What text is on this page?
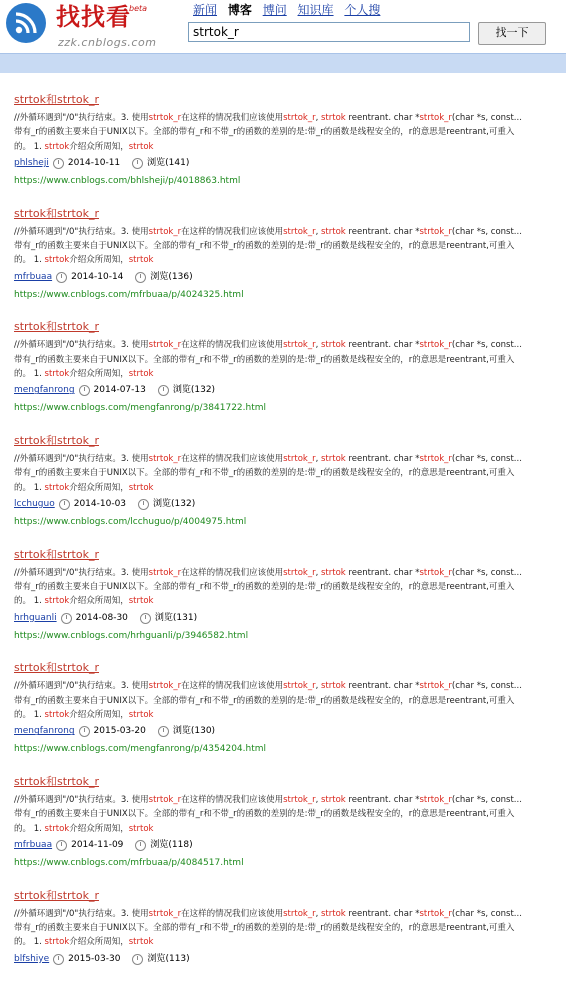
找找看
beta
zzk.cnblogs.com
新闻 博客 博问 知识库 个人搜
strtok_r	找一下
strtok和strtok_r
//外循环遇到"/0"执行结束。3. 使用strtok_r在这样的情况我们应该使用strtok_r, strtok reentrant. char *strtok_r(char *s, const...带有_r的函数主要来自于UNIX以下。全部的带有_r和不带_r的函数的差别的是:带_r的函数是线程安全的，r的意思是reentrant,可重入的。 1. strtok介绍众所周知，strtok
phlsheji 2014-10-11	浏览(141)
https://www.cnblogs.com/bhlsheji/p/4018863.html
strtok和strtok_r
//外循环遇到"/0"执行结束。3. 使用strtok_r在这样的情况我们应该使用strtok_r, strtok reentrant. char *strtok_r(char *s, const...带有_r的函数主要来自于UNIX以下。全部的带有_r和不带_r的函数的差别的是:带_r的函数是线程安全的，r的意思是reentrant,可重入的。 1. strtok介绍众所周知，strtok
mfrbuaa 2014-10-14	浏览(136)
https://www.cnblogs.com/mfrbuaa/p/4024325.html
strtok和strtok_r
//外循环遇到"/0"执行结束。3. 使用strtok_r在这样的情况我们应该使用strtok_r, strtok reentrant. char *strtok_r(char *s, const...带有_r的函数主要来自于UNIX以下。全部的带有_r和不带_r的函数的差别的是:带_r的函数是线程安全的，r的意思是reentrant,可重入的。 1. strtok介绍众所周知，strtok
mengfanrong 2014-07-13	浏览(132)
https://www.cnblogs.com/mengfanrong/p/3841722.html
strtok和strtok_r
//外循环遇到"/0"执行结束。3. 使用strtok_r在这样的情况我们应该使用strtok_r, strtok reentrant. char *strtok_r(char *s, const...带有_r的函数主要来自于UNIX以下。全部的带有_r和不带_r的函数的差别的是:带_r的函数是线程安全的，r的意思是reentrant,可重入的。 1. strtok介绍众所周知，strtok
lcchuguo 2014-10-03	浏览(132)
https://www.cnblogs.com/lcchuguo/p/4004975.html
strtok和strtok_r
//外循环遇到"/0"执行结束。3. 使用strtok_r在这样的情况我们应该使用strtok_r, strtok reentrant. char *strtok_r(char *s, const...带有_r的函数主要来自于UNIX以下。全部的带有_r和不带_r的函数的差别的是:带_r的函数是线程安全的，r的意思是reentrant,可重入的。 1. strtok介绍众所周知，strtok
hrhguanli 2014-08-30	浏览(131)
https://www.cnblogs.com/hrhguanli/p/3946582.html
strtok和strtok_r
//外循环遇到"/0"执行结束。3. 使用strtok_r在这样的情况我们应该使用strtok_r, strtok reentrant. char *strtok_r(char *s, const...带有_r的函数主要来自于UNIX以下。全部的带有_r和不带_r的函数的差别的是:带_r的函数是线程安全的，r的意思是reentrant,可重入的。 1. strtok介绍众所周知，strtok
mengfanrong 2015-03-20	浏览(130)
https://www.cnblogs.com/mengfanrong/p/4354204.html
strtok和strtok_r
//外循环遇到"/0"执行结束。3. 使用strtok_r在这样的情况我们应该使用strtok_r, strtok reentrant. char *strtok_r(char *s, const...带有_r的函数主要来自于UNIX以下。全部的带有_r和不带_r的函数的差别的是:带_r的函数是线程安全的，r的意思是reentrant,可重入的。 1. strtok介绍众所周知，strtok
mfrbuaa 2014-11-09	浏览(118)
https://www.cnblogs.com/mfrbuaa/p/4084517.html
strtok和strtok_r
//外循环遇到"/0"执行结束。3. 使用strtok_r在这样的情况我们应该使用strtok_r, strtok reentrant. char *strtok_r(char *s, const...带有_r的函数主要来自于UNIX以下。全部的带有_r和不带_r的函数的差别的是:带_r的函数是线程安全的，r的意思是reentrant,可重入的。 1. strtok介绍众所周知，strtok
blfshiye 2015-03-30	浏览(113)
